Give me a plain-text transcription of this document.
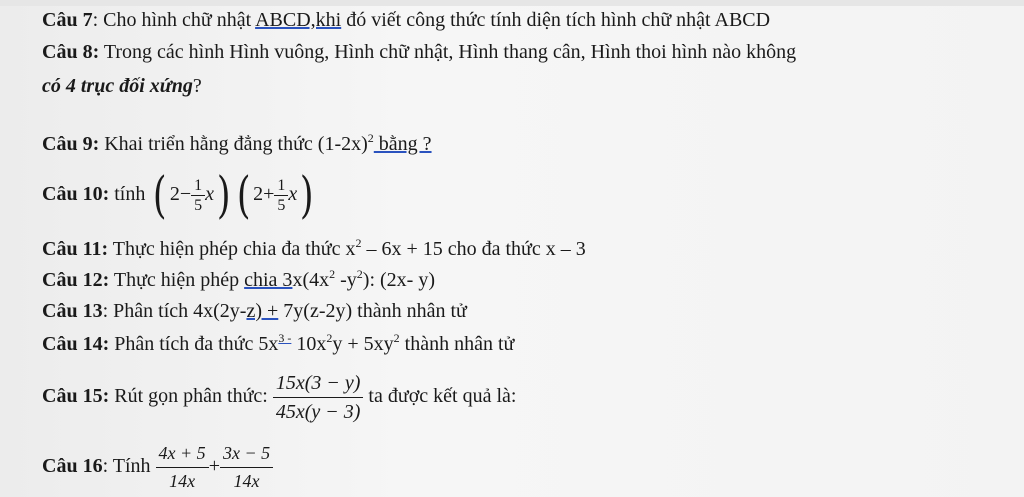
Câu 7: Cho hình chữ nhật ABCD,khi đó viết công thức tính diện tích hình chữ nhật ABCD
Câu 8: Trong các hình Hình vuông, Hình chữ nhật, Hình thang cân, Hình thoi hình nào không
có 4 trục đối xứng?
Câu 9: Khai triển hằng đẳng thức $(1-2x)^2$ bằng ?
Câu 10: tính ( $2- \frac{1}{5} x$) ( $2+ \frac{1}{5} x$)
Câu 11: Thực hiện phép chia đa thức $x^2 - 6x + 15$ cho đa thức x – 3
Câu 12: Thực hiện phép chia $3x(4x^2$ $-y^2$): (2x- y)
Câu 13: Phân tích 4x(2y-z) + 7y(z-2y) thành nhân tử
Câu 14: Phân tích đa thức $5x^{3 -}$ $10x^2y + 5xy^2$ thành nhân tử
Câu 15: Rút gọn phân thức: $\frac{15x(3 - y)}{45x(y - 3)}$ ta được kết quả là:
Câu 16: Tính $\frac{4x + 5}{14x} + \frac{3x - 5}{14x}$
